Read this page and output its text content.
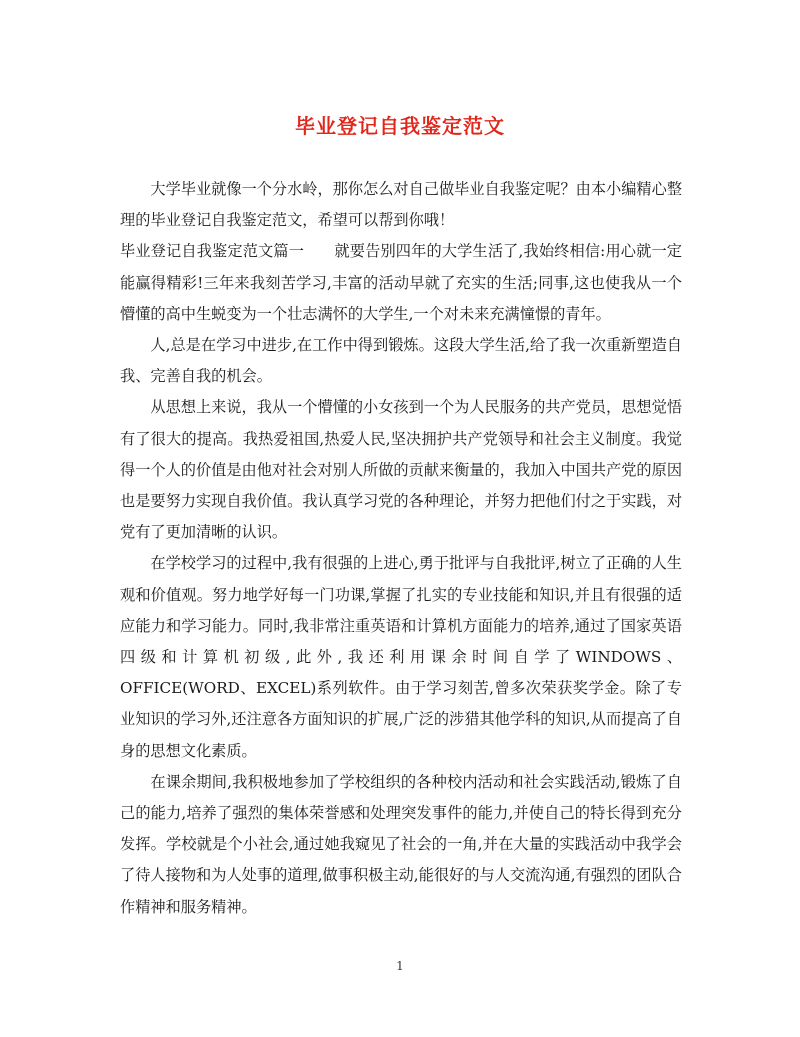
毕业登记自我鉴定范文

大学毕业就像一个分水岭，那你怎么对自己做毕业自我鉴定呢？由本小编精心整理的毕业登记自我鉴定范文，希望可以帮到你哦！

毕业登记自我鉴定范文篇一 就要告别四年的大学生活了,我始终相信:用心就一定能赢得精彩!三年来我刻苦学习,丰富的活动早就了充实的生活;同事,这也使我从一个懵懂的高中生蜕变为一个壮志满怀的大学生,一个对未来充满憧憬的青年。

人,总是在学习中进步,在工作中得到锻炼。这段大学生活,给了我一次重新塑造自我、完善自我的机会。

从思想上来说，我从一个懵懂的小女孩到一个为人民服务的共产党员，思想觉悟有了很大的提高。我热爱祖国,热爱人民,坚决拥护共产党领导和社会主义制度。我觉得一个人的价值是由他对社会对别人所做的贡献来衡量的，我加入中国共产党的原因也是要努力实现自我价值。我认真学习党的各种理论，并努力把他们付之于实践，对党有了更加清晰的认识。

在学校学习的过程中,我有很强的上进心,勇于批评与自我批评,树立了正确的人生观和价值观。努力地学好每一门功课,掌握了扎实的专业技能和知识,并且有很强的适应能力和学习能力。同时,我非常注重英语和计算机方面能力的培养,通过了国家英语四级和计算机初级,此外,我还利用课余时间自学了WINDOWS、OFFICE(WORD、EXCEL)系列软件。由于学习刻苦,曾多次荣获奖学金。除了专业知识的学习外,还注意各方面知识的扩展,广泛的涉猎其他学科的知识,从而提高了自身的思想文化素质。

在课余期间,我积极地参加了学校组织的各种校内活动和社会实践活动,锻炼了自己的能力,培养了强烈的集体荣誉感和处理突发事件的能力,并使自己的特长得到充分发挥。学校就是个小社会,通过她我窥见了社会的一角,并在大量的实践活动中我学会了待人接物和为人处事的道理,做事积极主动,能很好的与人交流沟通,有强烈的团队合作精神和服务精神。

1
